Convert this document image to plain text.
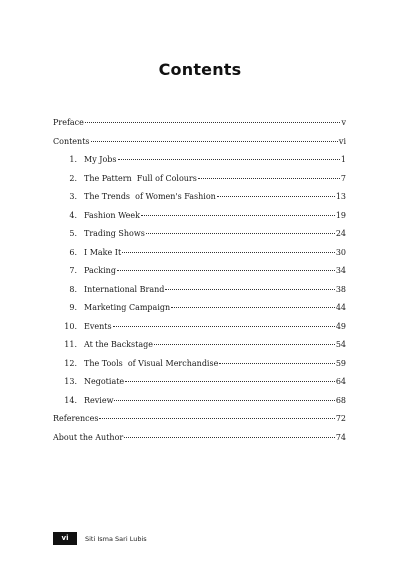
Contents
Preface	v
Contents	vi
1. My Jobs	1
2. The Pattern  Full of Colours	7
3. The Trends  of Women's Fashion	13
4. Fashion Week	19
5. Trading Shows	24
6. I Make It	30
7. Packing	34
8. International Brand	38
9. Marketing Campaign	44
10. Events	49
11. At the Backstage	54
12. The Tools  of Visual Merchandise	59
13. Negotiate	64
14. Review	68
References	72
About the Author	74
vi	Siti Isma Sari Lubis
